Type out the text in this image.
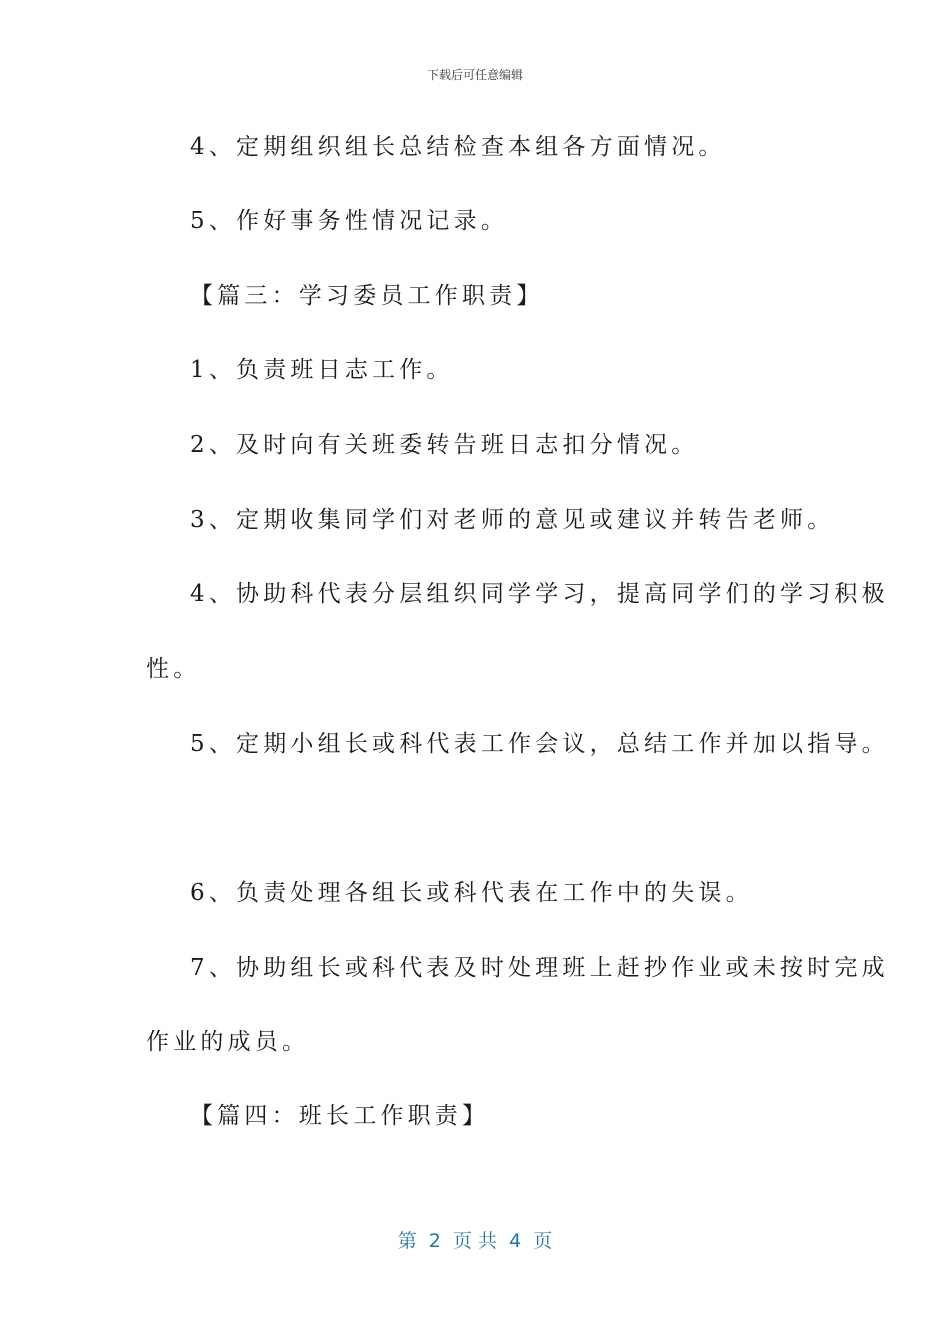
下载后可任意编辑
4、定期组织组长总结检查本组各方面情况。
5、作好事务性情况记录。
【篇三：学习委员工作职责】
1、负责班日志工作。
2、及时向有关班委转告班日志扣分情况。
3、定期收集同学们对老师的意见或建议并转告老师。
4、协助科代表分层组织同学学习，提高同学们的学习积极
性。
5、定期小组长或科代表工作会议，总结工作并加以指导。
6、负责处理各组长或科代表在工作中的失误。
7、协助组长或科代表及时处理班上赶抄作业或未按时完成
作业的成员。
【篇四：班长工作职责】
第  2  页 共  4  页
